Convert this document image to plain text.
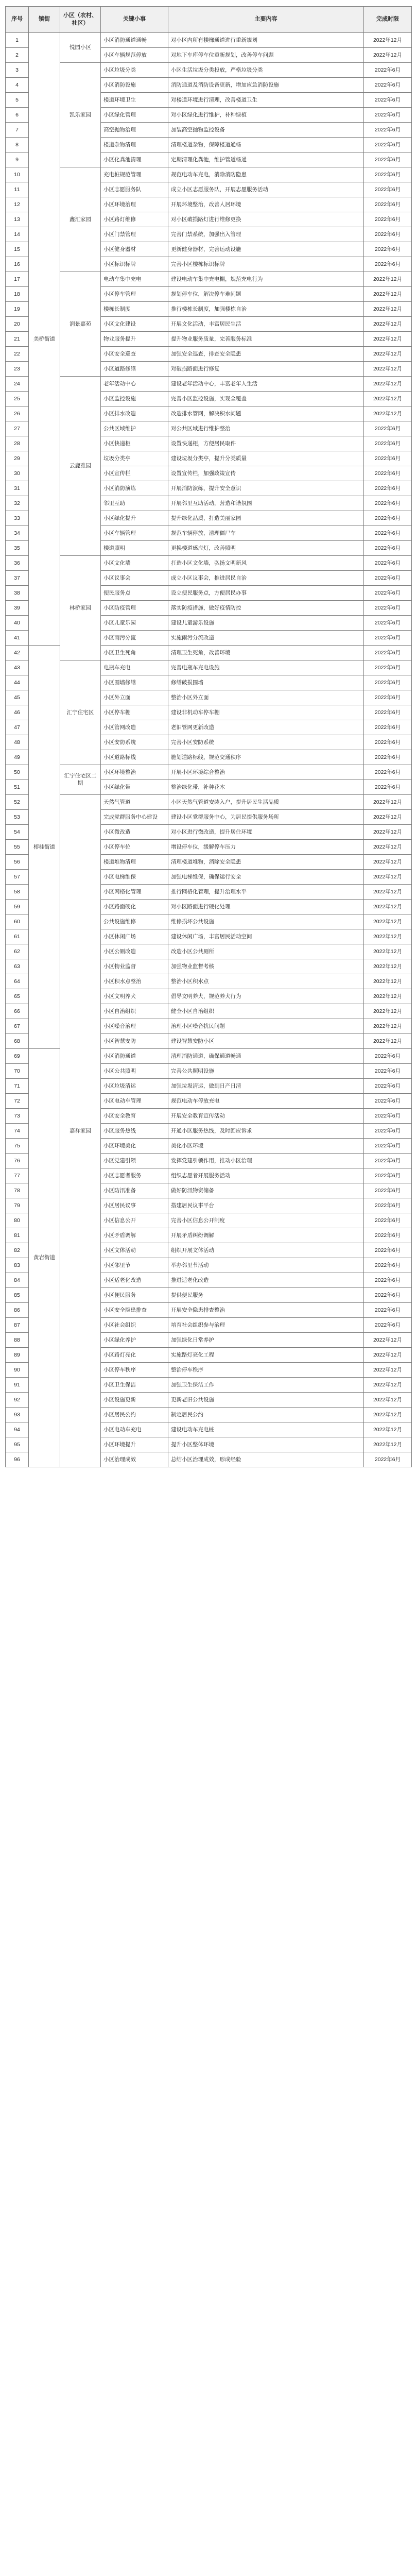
序号	镇街	小区（农村、社区）	关键小事	主要内容	完成时限
1	美桥街道	悦园小区	小区消防通道通畅	对小区内所有楼梯通道进行重新规划	2022年12月
2			小区车辆规范停放	对地下车库停车位重新规划，改善停车问题	2022年12月
3		凯乐家园	小区垃圾分类	小区生活垃圾分类投放，严格垃圾分类	2022年6月
4			小区消防设施	消防通道及消防设备更新，增加应急消防设施	2022年6月
5			楼道环境卫生	对楼道环境进行清理，改善楼道卫生	2022年6月
6			小区绿化管理	对小区绿化进行维护，补种绿植	2022年6月
7			高空抛物治理	加装高空抛物监控设备	2022年6月
8			楼道杂物清理	清理楼道杂物，保障楼道通畅	2022年6月
9			小区化粪池清理	定期清理化粪池，维护管道畅通	2022年6月
10		鑫汇家园	充电桩规范管理	规范电动车充电，消除消防隐患	2022年6月
11			小区志愿服务队	成立小区志愿服务队，开展志愿服务活动	2022年6月
12			小区环境治理	开展环境整治，改善人居环境	2022年6月
13			小区路灯维修	对小区破损路灯进行维修更换	2022年6月
14			小区门禁管理	完善门禁系统，加强出入管理	2022年6月
15			小区健身器材	更新健身器材，完善运动设施	2022年6月
16			小区标识标牌	完善小区楼栋标识标牌	2022年6月
17		润景嘉苑	电动车集中充电	建设电动车集中充电棚，规范充电行为	2022年12月
18			小区停车管理	规划停车位，解决停车难问题	2022年12月
19			楼栋长制度	推行楼栋长制度，加强楼栋自治	2022年12月
20			小区文化建设	开展文化活动，丰富居民生活	2022年12月
21			物业服务提升	提升物业服务质量，完善服务标准	2022年12月
22			小区安全巡查	加强安全巡查，排查安全隐患	2022年12月
23			小区道路修缮	对破损路面进行修复	2022年12月
24		云鹿雅园	老年活动中心	建设老年活动中心，丰富老年人生活	2022年12月
25			小区监控设施	完善小区监控设施，实现全覆盖	2022年12月
26			小区排水改造	改造排水管网，解决积水问题	2022年12月
27			公共区域维护	对公共区域进行维护整治	2022年6月
28			小区快递柜	设置快递柜，方便居民取件	2022年6月
29			垃圾分类亭	建设垃圾分类亭，提升分类质量	2022年6月
30			小区宣传栏	设置宣传栏，加强政策宣传	2022年6月
31			小区消防演练	开展消防演练，提升安全意识	2022年6月
32			邻里互助	开展邻里互助活动，营造和谐氛围	2022年6月
33			小区绿化提升	提升绿化品质，打造美丽家园	2022年6月
34			小区车辆管理	规范车辆停放，清理僵尸车	2022年6月
35			楼道照明	更换楼道感应灯，改善照明	2022年6月
36		林桥家园	小区文化墙	打造小区文化墙，弘扬文明新风	2022年6月
37			小区议事会	成立小区议事会，推进居民自治	2022年6月
38			便民服务点	设立便民服务点，方便居民办事	2022年6月
39			小区防疫管理	落实防疫措施，做好疫情防控	2022年6月
40			小区儿童乐园	建设儿童游乐设施	2022年6月
41			小区雨污分流	实施雨污分流改造	2022年6月
42	榕桂街道		小区卫生死角	清理卫生死角，改善环境	2022年6月
43		汇宁住宅区	电瓶车充电	完善电瓶车充电设施	2022年6月
44			小区围墙修缮	修缮破损围墙	2022年6月
45			小区外立面	整治小区外立面	2022年6月
46			小区停车棚	建设非机动车停车棚	2022年6月
47			小区管网改造	老旧管网更新改造	2022年6月
48			小区安防系统	完善小区安防系统	2022年6月
49			小区道路标线	施划道路标线，规范交通秩序	2022年6月
50		汇宁住宅区二期	小区环境整治	开展小区环境综合整治	2022年6月
51			小区绿化带	整治绿化带，补种花木	2022年6月
52		嘉祥家园	天然气管道	小区天然气管道安装入户，提升居民生活品质	2022年12月
53			完成党群服务中心建设	建设小区党群服务中心，为居民提供服务场所	2022年12月
54			小区微改造	对小区进行微改造，提升居住环境	2022年12月
55			小区停车位	增设停车位，缓解停车压力	2022年12月
56			楼道堆物清理	清理楼道堆物，消除安全隐患	2022年12月
57			小区电梯维保	加强电梯维保，确保运行安全	2022年12月
58			小区网格化管理	推行网格化管理，提升治理水平	2022年12月
59			小区路面硬化	对小区路面进行硬化处理	2022年12月
60			公共设施维修	维修损坏公共设施	2022年12月
61			小区休闲广场	建设休闲广场，丰富居民活动空间	2022年12月
62			小区公厕改造	改造小区公共厕所	2022年12月
63			小区物业监督	加强物业监督考核	2022年12月
64			小区积水点整治	整治小区积水点	2022年12月
65			小区文明养犬	倡导文明养犬，规范养犬行为	2022年12月
66			小区自治组织	健全小区自治组织	2022年12月
67			小区噪音治理	治理小区噪音扰民问题	2022年12月
68			小区智慧安防	建设智慧安防小区	2022年12月
69	黄岩街道		小区消防通道	清理消防通道，确保通道畅通	2022年6月
70			小区公共照明	完善公共照明设施	2022年6月
71			小区垃圾清运	加强垃圾清运，做到日产日清	2022年6月
72			小区电动车管理	规范电动车停放充电	2022年6月
73			小区安全教育	开展安全教育宣传活动	2022年6月
74			小区服务热线	开通小区服务热线，及时回应诉求	2022年6月
75			小区环境美化	美化小区环境	2022年6月
76			小区党建引领	发挥党建引领作用，推动小区治理	2022年6月
77			小区志愿者服务	组织志愿者开展服务活动	2022年6月
78			小区防汛准备	做好防汛物资储备	2022年6月
79			小区居民议事	搭建居民议事平台	2022年6月
80			小区信息公开	完善小区信息公开制度	2022年6月
81			小区矛盾调解	开展矛盾纠纷调解	2022年6月
82			小区文体活动	组织开展文体活动	2022年6月
83			小区邻里节	举办邻里节活动	2022年6月
84			小区适老化改造	推进适老化改造	2022年6月
85			小区便民服务	提供便民服务	2022年6月
86			小区安全隐患排查	开展安全隐患排查整治	2022年6月
87			小区社会组织	培育社会组织参与治理	2022年6月
88			小区绿化养护	加强绿化日常养护	2022年12月
89			小区路灯亮化	实施路灯亮化工程	2022年12月
90			小区停车秩序	整治停车秩序	2022年12月
91			小区卫生保洁	加强卫生保洁工作	2022年12月
92			小区设施更新	更新老旧公共设施	2022年12月
93			小区居民公约	制定居民公约	2022年12月
94			小区电动车充电	建设电动车充电桩	2022年12月
95			小区环境提升	提升小区整体环境	2022年12月
96			小区治理成效	总结小区治理成效，形成经验	2022年6月
